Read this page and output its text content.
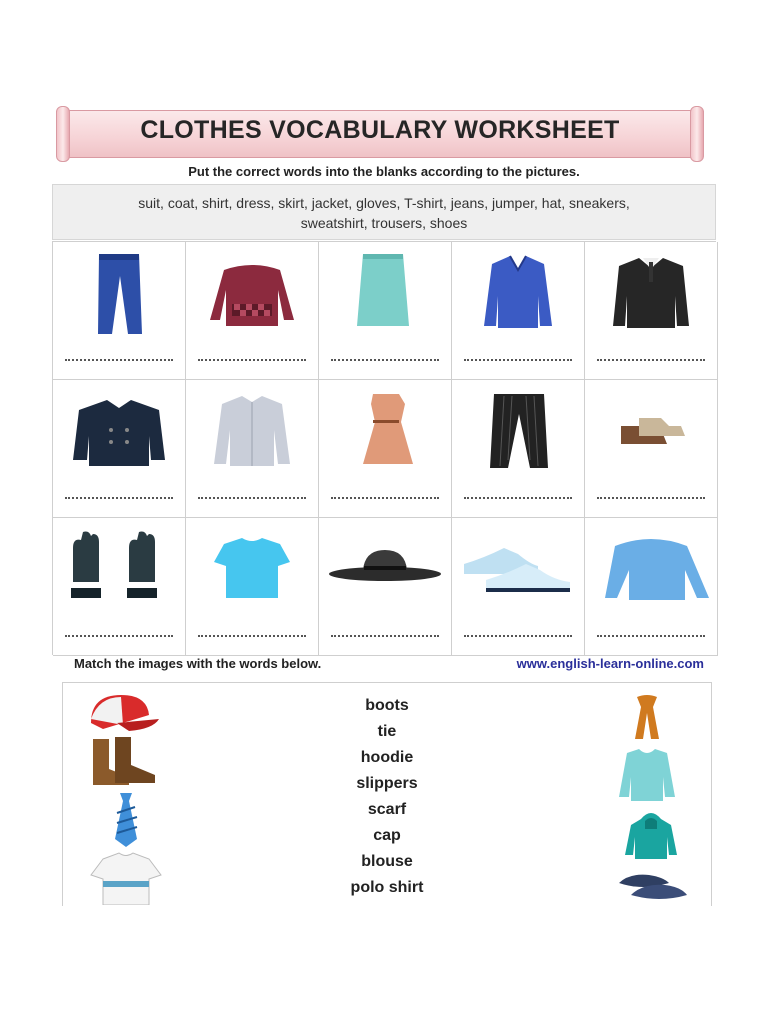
CLOTHES VOCABULARY WORKSHEET
Put the correct words into the blanks according to the pictures.
suit, coat, shirt, dress, skirt, jacket, gloves, T-shirt, jeans, jumper, hat, sneakers,
sweatshirt, trousers, shoes
Match the images with the words below.	www.english-learn-online.com
boots
tie
hoodie
slippers
scarf
cap
blouse
polo shirt
